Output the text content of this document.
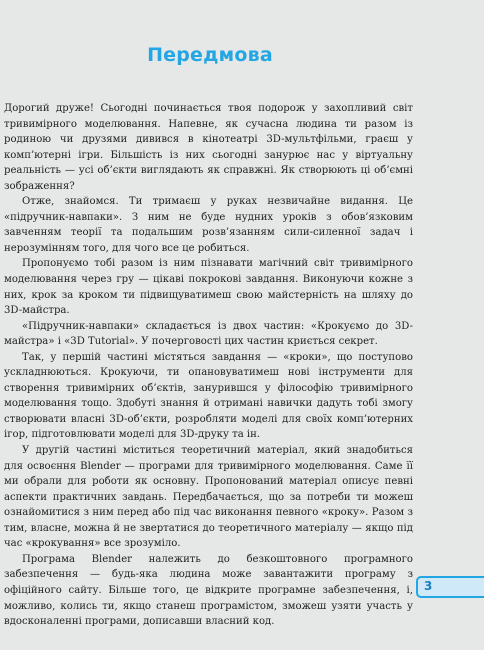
Передмова

Дорогий друже! Сьогодні починається твоя подорож у захопливий світ тривимірного моделювання. Напевне, як сучасна людина ти разом із родиною чи друзями дивився в кінотеатрі 3D-мультфільми, граєш у комп’ютерні ігри. Більшість із них сьогодні занурює нас у віртуальну реальність — усі об’єкти виглядають як справжні. Як створюють ці об’ємні зображення?

Отже, знайомся. Ти тримаєш у руках незвичайне видання. Це «підручник-навпаки». З ним не буде нудних уроків з обов’язковим завченням теорії та подальшим розв’язанням сили-силенної задач і нерозумінням того, для чого все це робиться.

Пропонуємо тобі разом із ним пізнавати магічний світ тривимірного моделювання через гру — цікаві покрокові завдання. Виконуючи кожне з них, крок за кроком ти підвищуватимеш свою майстерність на шляху до 3D-майстра.

«Підручник-навпаки» складається із двох частин: «Крокуємо до 3D-майстра» і «3D Tutorial». У почерговості цих частин криється секрет.

Так, у першій частині містяться завдання — «кроки», що поступово ускладнюються. Крокуючи, ти опановуватимеш нові інструменти для створення тривимірних об’єктів, занурившся у філософію тривимірного моделювання тощо. Здобуті знання й отримані навички дадуть тобі змогу створювати власні 3D-об’єкти, розробляти моделі для своїх комп’ютерних ігор, підготовлювати моделі для 3D-друку та ін.

У другій частині міститься теоретичний матеріал, який знадобиться для освоєння Blender — програми для тривимірного моделювання. Саме її ми обрали для роботи як основну. Пропонований матеріал описує певні аспекти практичних завдань. Передбачається, що за потреби ти можеш ознайомитися з ним перед або під час виконання певного «кроку». Разом з тим, власне, можна й не звертатися до теоретичного матеріалу — якщо під час «крокування» все зрозуміло.

Програма Blender належить до безкоштовного програмного забезпечення — будь-яка людина може завантажити програму з офіційного сайту. Більше того, це відкрите програмне забезпечення, і, можливо, колись ти, якщо станеш програмістом, зможеш узяти участь у вдосконаленні програми, дописавши власний код.

3
